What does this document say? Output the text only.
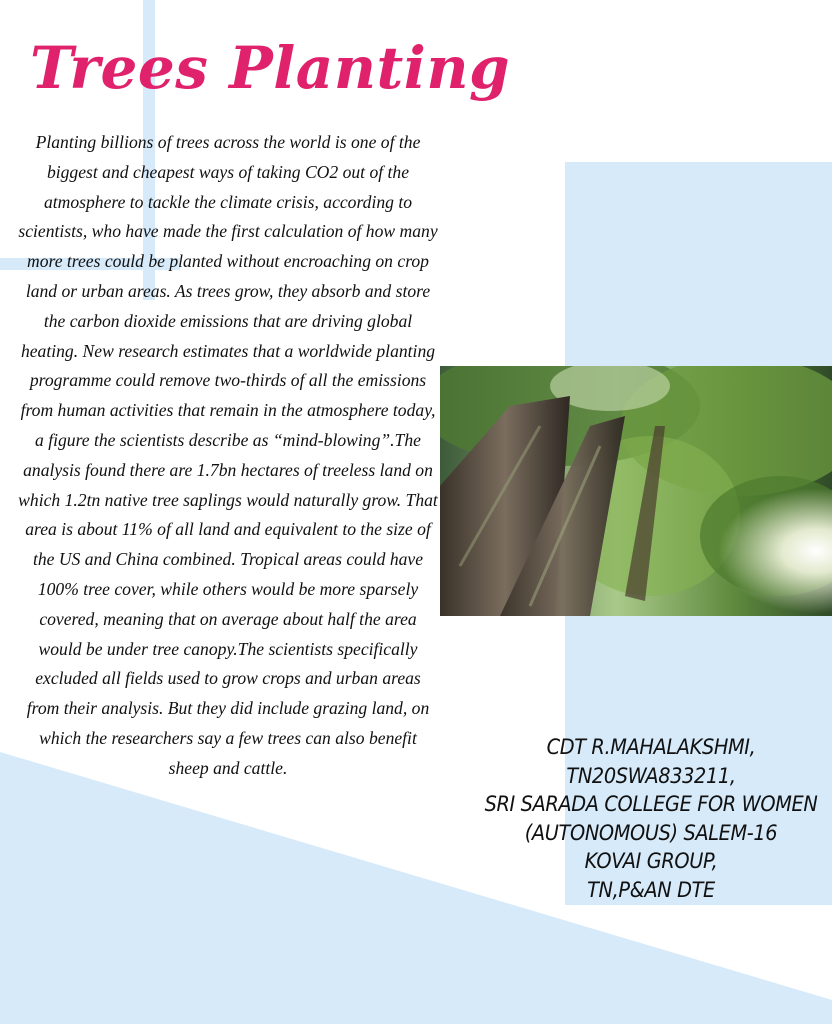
Trees Planting

Planting billions of trees across the world is one of the biggest and cheapest ways of taking CO2 out of the atmosphere to tackle the climate crisis, according to scientists, who have made the first calculation of how many more trees could be planted without encroaching on crop land or urban areas. As trees grow, they absorb and store the carbon dioxide emissions that are driving global heating. New research estimates that a worldwide planting programme could remove two-thirds of all the emissions from human activities that remain in the atmosphere today, a figure the scientists describe as “mind-blowing”.The analysis found there are 1.7bn hectares of treeless land on which 1.2tn native tree saplings would naturally grow. That area is about 11% of all land and equivalent to the size of the US and China combined. Tropical areas could have 100% tree cover, while others would be more sparsely covered, meaning that on average about half the area would be under tree canopy.The scientists specifically excluded all fields used to grow crops and urban areas from their analysis. But they did include grazing land, on which the researchers say a few trees can also benefit sheep and cattle.

CDT R.MAHALAKSHMI,
TN20SWA833211,
SRI SARADA COLLEGE FOR WOMEN
(AUTONOMOUS) SALEM-16
KOVAI GROUP,
TN,P&AN DTE
